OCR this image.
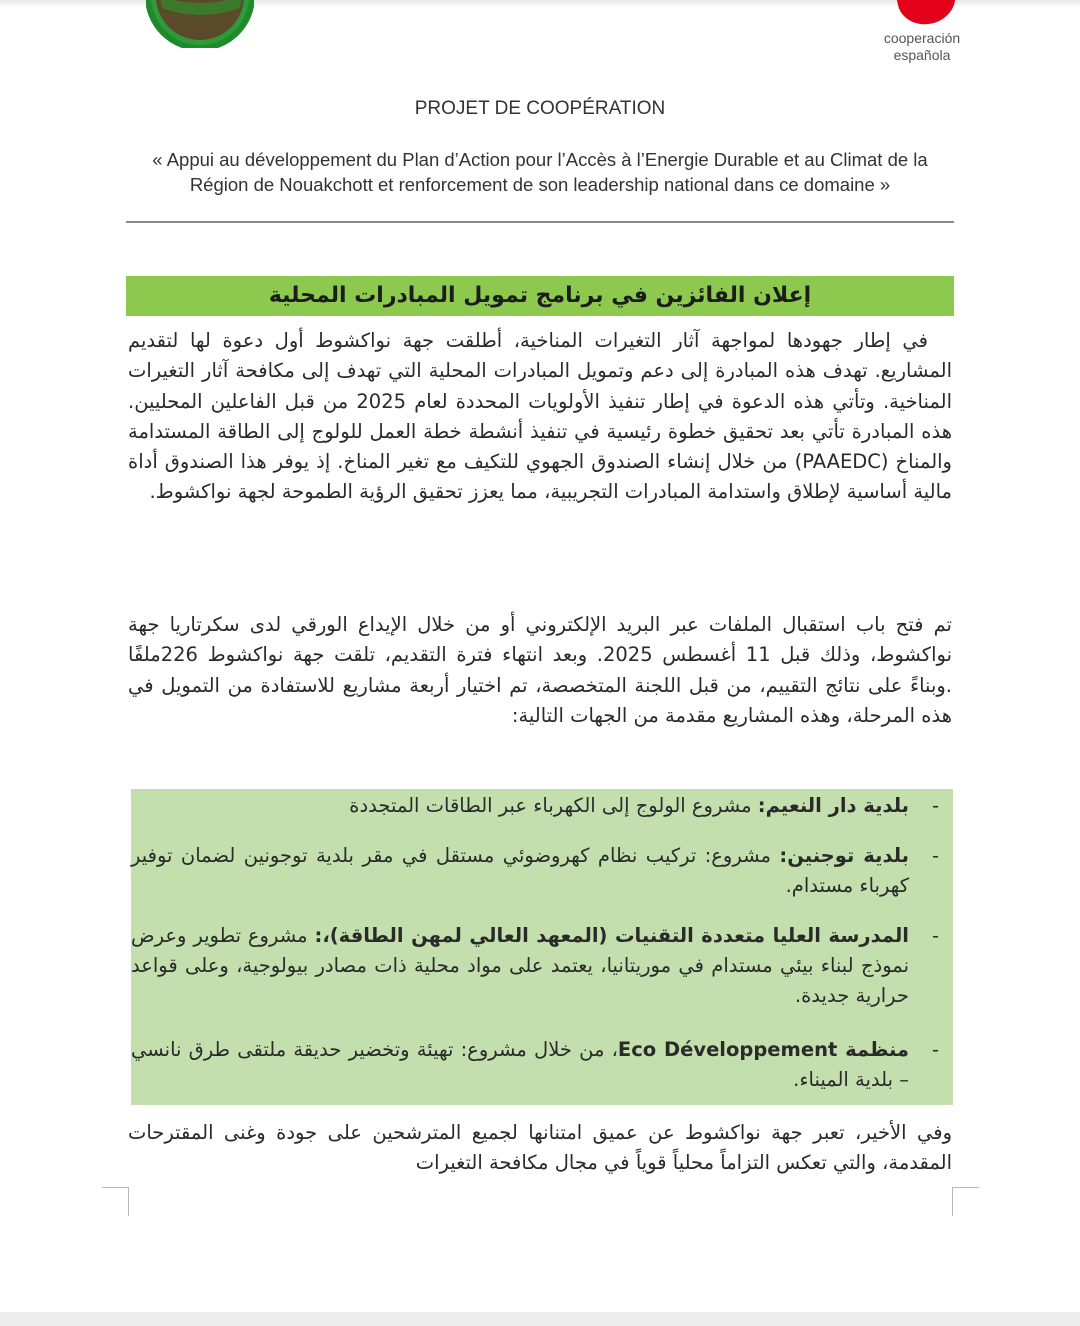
cooperación
española
PROJET DE COOPÉRATION
« Appui au développement du Plan d’Action pour l’Accès à l’Energie Durable et au Climat de la Région de Nouakchott et renforcement de son leadership national dans ce domaine »
إعلان الفائزين في برنامج تمويل المبادرات المحلية

في إطار جهودها لمواجهة آثار التغيرات المناخية، أطلقت جهة نواكشوط أول دعوة لها لتقديم المشاريع. تهدف هذه المبادرة إلى دعم وتمويل المبادرات المحلية التي تهدف إلى مكافحة آثار التغيرات المناخية. وتأتي هذه الدعوة في إطار تنفيذ الأولويات المحددة لعام 2025 من قبل الفاعلين المحليين. هذه المبادرة تأتي بعد تحقيق خطوة رئيسية في تنفيذ أنشطة خطة العمل للولوج إلى الطاقة المستدامة والمناخ (PAAEDC) من خلال إنشاء الصندوق الجهوي للتكيف مع تغير المناخ. إذ يوفر هذا الصندوق أداة مالية أساسية لإطلاق واستدامة المبادرات التجريبية، مما يعزز تحقيق الرؤية الطموحة لجهة نواكشوط.

تم فتح باب استقبال الملفات عبر البريد الإلكتروني أو من خلال الإيداع الورقي لدى سكرتاريا جهة نواكشوط، وذلك قبل 11 أغسطس 2025. وبعد انتهاء فترة التقديم، تلقت جهة نواكشوط 226ملفًا .وبناءً على نتائج التقييم، من قبل اللجنة المتخصصة، تم اختيار أربعة مشاريع للاستفادة من التمويل في هذه المرحلة، وهذه المشاريع مقدمة من الجهات التالية:

-
بلدية دار النعيم: مشروع الولوج إلى الكهرباء عبر الطاقات المتجددة
-
بلدية توجنين: مشروع: تركيب نظام كهروضوئي مستقل في مقر بلدية توجونين لضمان توفير كهرباء مستدام.
-
المدرسة العليا متعددة التقنيات (المعهد العالي لمهن الطاقة)،: مشروع تطوير وعرض نموذج لبناء بيئي مستدام في موريتانيا، يعتمد على مواد محلية ذات مصادر بيولوجية، وعلى قواعد حرارية جديدة.
-
منظمة Eco Développement، من خلال مشروع: تهيئة وتخضير حديقة ملتقى طرق نانسي – بلدية الميناء.

وفي الأخير، تعبر جهة نواكشوط عن عميق امتنانها لجميع المترشحين على جودة وغنى المقترحات المقدمة، والتي تعكس التزاماً محلياً قوياً في مجال مكافحة التغيرات
